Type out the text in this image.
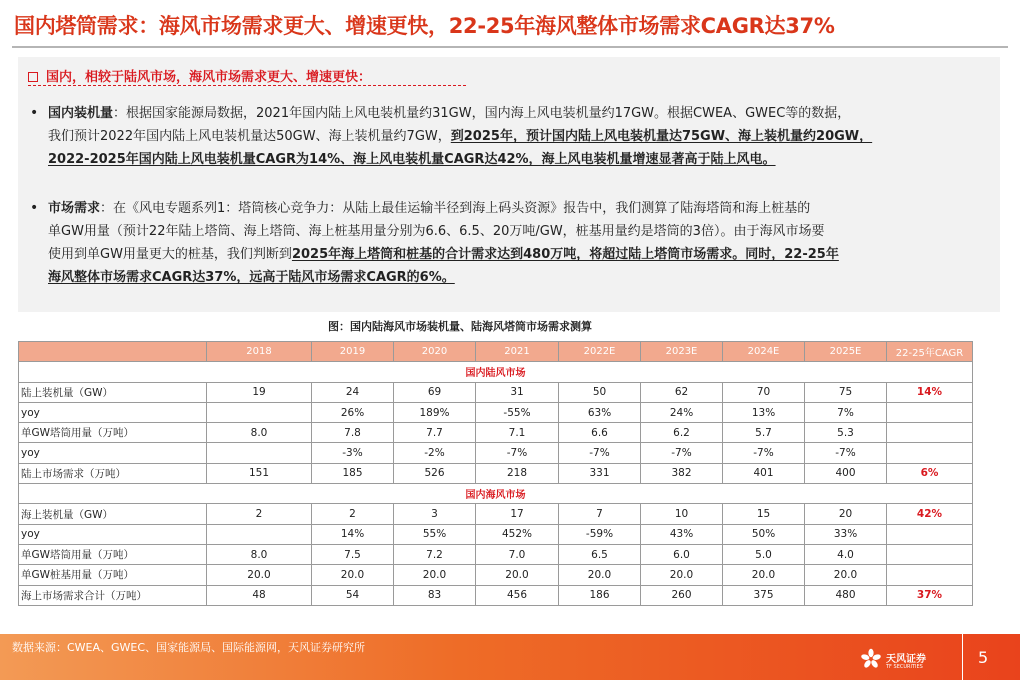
国内塔筒需求：海风市场需求更大、增速更快，22-25年海风整体市场需求CAGR达37%
国内，相较于陆风市场，海风市场需求更大、增速更快：
• 国内装机量：根据国家能源局数据，2021年国内陆上风电装机量约31GW，国内海上风电装机量约17GW。根据CWEA、GWEC等的数据，
我们预计2022年国内陆上风电装机量达50GW、海上装机量约7GW，到2025年，预计国内陆上风电装机量达75GW、海上装机量约20GW，
2022-2025年国内陆上风电装机量CAGR为14%、海上风电装机量CAGR达42%，海上风电装机量增速显著高于陆上风电。
• 市场需求：在《风电专题系列1：塔筒核心竞争力：从陆上最佳运输半径到海上码头资源》报告中，我们测算了陆海塔筒和海上桩基的
单GW用量（预计22年陆上塔筒、海上塔筒、海上桩基用量分别为6.6、6.5、20万吨/GW，桩基用量约是塔筒的3倍）。由于海风市场要
使用到单GW用量更大的桩基，我们判断到2025年海上塔筒和桩基的合计需求达到480万吨，将超过陆上塔筒市场需求。同时，22-25年
海风整体市场需求CAGR达37%，远高于陆风市场需求CAGR的6%。
图：国内陆海风市场装机量、陆海风塔筒市场需求测算
	2018	2019	2020	2021	2022E	2023E	2024E	2025E	22-25年CAGR
国内陆风市场									
陆上装机量（GW）	19	24	69	31	50	62	70	75	14%
yoy		26%	189%	-55%	63%	24%	13%	7%	
单GW塔筒用量（万吨）	8.0	7.8	7.7	7.1	6.6	6.2	5.7	5.3	
yoy		-3%	-2%	-7%	-7%	-7%	-7%	-7%	
陆上市场需求（万吨）	151	185	526	218	331	382	401	400	6%
国内海风市场									
海上装机量（GW）	2	2	3	17	7	10	15	20	42%
yoy		14%	55%	452%	-59%	43%	50%	33%	
单GW塔筒用量（万吨）	8.0	7.5	7.2	7.0	6.5	6.0	5.0	4.0	
单GW桩基用量（万吨）	20.0	20.0	20.0	20.0	20.0	20.0	20.0	20.0	
海上市场需求合计（万吨）	48	54	83	456	186	260	375	480	37%
数据来源：CWEA、GWEC、国家能源局、国际能源网，天风证券研究所
天风证券
TF SECURITIES	5
